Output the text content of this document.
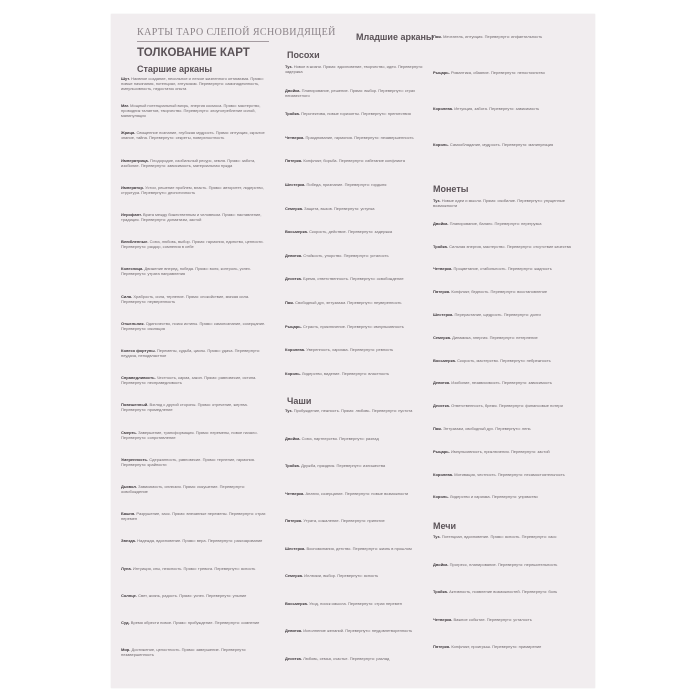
КАРТЫ ТАРО СЛЕПОЙ ЯСНОВИДЯЩЕЙ
ТОЛКОВАНИЕ КАРТ
Старшие арканы
Младшие арканы
Посохи
Чаши
Монеты
Мечи
Шут. Наивное создание, несильное и легкое жизненного оптимизма. Прямо: новые начинания, потенциал, энтузиазм. Перевернуто: самонадеянность, импульсивность, недостаток опыта
Маг. Мощный потенциальный вихрь, энергия космоса. Прямо: мастерство, проводник талантов, творчество. Перевернуто: злоупотребление силой, манипуляция
Жрица. Священное познание, глубокая мудрость. Прямо: интуиция, скрытое знание, тайна. Перевернуто: секреты, поверхностность
Императрица. Плодородие, изобильный ресурс, земля. Прямо: забота, изобилие. Перевернуто: зависимость, материальная нужда
Император. Устои, решение проблем, власть. Прямо: авторитет, лидерство, структура. Перевернуто: деспотичность
Иерофант. Врата между божественным и человеком. Прямо: наставление, традиция. Перевернуто: догматизм, застой
Влюбленные. Союз, любовь, выбор. Прямо: гармония, единство, ценности. Перевернуто: раздор, сомнения в себе
Колесница. Движение вперед, победа. Прямо: воля, контроль, успех. Перевернуто: утрата направления
Сила. Храбрость, сила, терпение. Прямо: спокойствие, мягкая сила. Перевернуто: неуверенность
Отшельник. Одиночество, поиск истины. Прямо: самопознание, созерцание. Перевернуто: изоляция
Колесо фортуны. Перемены, судьба, циклы. Прямо: удача. Перевернуто: неудача, неподвластное
Справедливость. Честность, карма, закон. Прямо: равновесие, истина. Перевернуто: несправедливость
Повешенный. Взгляд с другой стороны. Прямо: отречение, жертва. Перевернуто: промедление
Смерть. Завершение, трансформация. Прямо: перемены, новое начало. Перевернуто: сопротивление
Умеренность. Сдержанность, равновесие. Прямо: терпение, гармония. Перевернуто: крайности
Дьявол. Зависимость, иллюзия. Прямо: искушение. Перевернуто: освобождение
Башня. Разрушение, хаос. Прямо: внезапные перемены. Перевернуто: страх перемен
Звезда. Надежда, вдохновение. Прямо: вера. Перевернуто: разочарование
Луна. Интуиция, сны, неясность. Прямо: тревога. Перевернуто: ясность
Солнце. Свет, жизнь, радость. Прямо: успех. Перевернуто: уныние
Суд. Время обрести новое. Прямо: пробуждение. Перевернуто: сомнение
Мир. Достижение, целостность. Прямо: завершение. Перевернуто: незавершенность
Туз. Новое в жизни. Прямо: вдохновение, творчество, идея. Перевернуто: задержка
Двойка. Планирование, решение. Прямо: выбор. Перевернуто: страх неизвестного
Тройка. Перспектива, новые горизонты. Перевернуто: препятствия
Четверка. Празднование, гармония. Перевернуто: незавершенность
Пятерка. Конфликт, борьба. Перевернуто: избегание конфликта
Шестерка. Победа, признание. Перевернуто: гордыня
Семерка. Защита, вызов. Перевернуто: уступка
Восьмерка. Скорость, действие. Перевернуто: задержка
Девятка. Стойкость, упорство. Перевернуто: усталость
Десятка. Бремя, ответственность. Перевернуто: освобождение
Паж. Свободный дух, энтузиазм. Перевернуто: неуверенность
Рыцарь. Страсть, приключение. Перевернуто: импульсивность
Королева. Уверенность, харизма. Перевернуто: ревность
Король. Лидерство, видение. Перевернуто: властность
Туз. Пробуждение, нежность. Прямо: любовь. Перевернуто: пустота
Двойка. Союз, партнерство. Перевернуто: разлад
Тройка. Дружба, праздник. Перевернуто: излишества
Четверка. Апатия, созерцание. Перевернуто: новые возможности
Пятерка. Утрата, сожаление. Перевернуто: принятие
Шестерка. Воспоминания, детство. Перевернуто: жизнь в прошлом
Семерка. Иллюзии, выбор. Перевернуто: ясность
Восьмерка. Уход, поиск смысла. Перевернуто: страх перемен
Девятка. Исполнение желаний. Перевернуто: неудовлетворенность
Десятка. Любовь, семья, счастье. Перевернуто: разлад
Паж. Мечтатель, интуиция. Перевернуто: инфантильность
Рыцарь. Романтика, обаяние. Перевернуто: непостоянство
Королева. Интуиция, забота. Перевернуто: зависимость
Король. Самообладание, мудрость. Перевернуто: манипуляция
Туз. Новые идеи и мысли. Прямо: изобилие. Перевернуто: упущенные возможности
Двойка. Планирование, баланс. Перевернуто: перегрузка
Тройка. Сильная энергия, мастерство. Перевернуто: отсутствие качества
Четверка. Процветание, стабильность. Перевернуто: жадность
Пятерка. Конфликт, бедность. Перевернуто: восстановление
Шестерка. Перерастание, щедрость. Перевернуто: долги
Семерка. Динамика, энергия. Перевернуто: нетерпение
Восьмерка. Скорость, мастерство. Перевернуто: небрежность
Девятка. Изобилие, независимость. Перевернуто: зависимость
Десятка. Ответственность, бремя. Перевернуто: финансовые потери
Паж. Энтузиазм, свободный дух. Перевернуто: лень
Рыцарь. Импульсивность, приключения. Перевернуто: застой
Королева. Мотивация, честность. Перевернуто: несамостоятельность
Король. Лидерство и харизма. Перевернуто: упрямство
Туз. Потенциал, вдохновение. Прямо: ясность. Перевернуто: хаос
Двойка. Прогресс, планирование. Перевернуто: нерешительность
Тройка. Активность, появление возможностей. Перевернуто: боль
Четверка. Важное событие. Перевернуто: усталость
Пятерка. Конфликт, проигрыш. Перевернуто: примирение
